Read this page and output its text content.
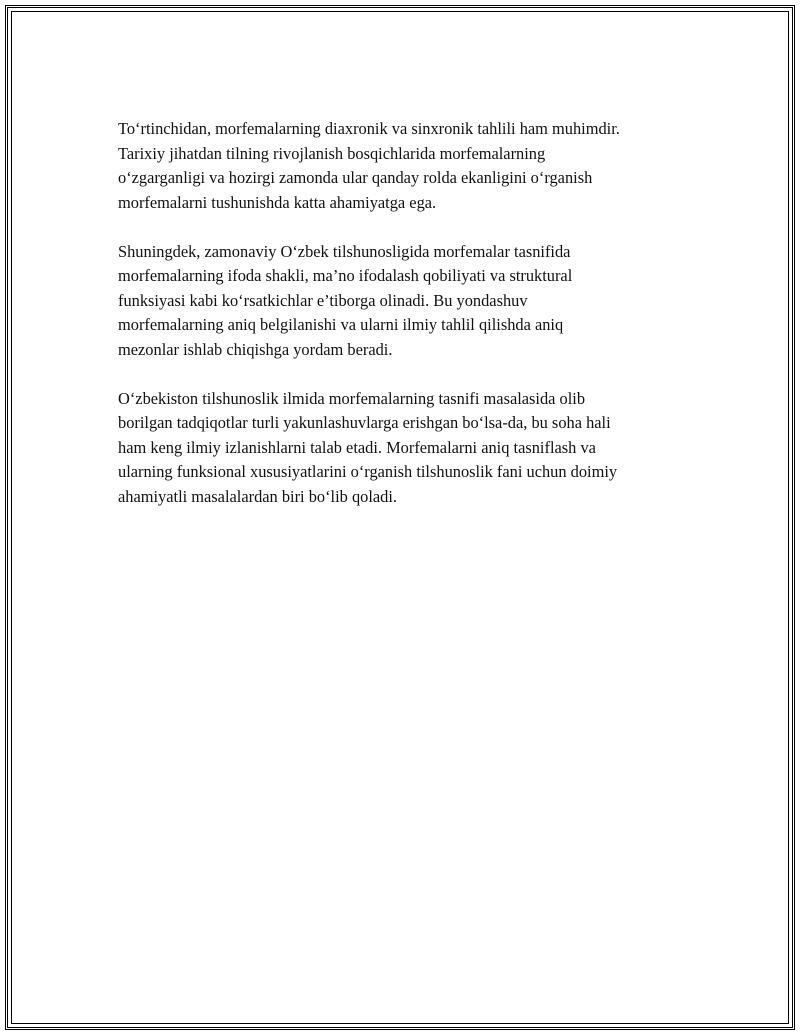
To‘rtinchidan, morfemalarning diaxronik va sinxronik tahlili ham muhimdir.
Tarixiy jihatdan tilning rivojlanish bosqichlarida morfemalarning
o‘zgarganligi va hozirgi zamonda ular qanday rolda ekanligini o‘rganish
morfemalarni tushunishda katta ahamiyatga ega.

Shuningdek, zamonaviy O‘zbek tilshunosligida morfemalar tasnifida
morfemalarning ifoda shakli, ma’no ifodalash qobiliyati va struktural
funksiyasi kabi ko‘rsatkichlar e’tiborga olinadi. Bu yondashuv
morfemalarning aniq belgilanishi va ularni ilmiy tahlil qilishda aniq
mezonlar ishlab chiqishga yordam beradi.

O‘zbekiston tilshunoslik ilmida morfemalarning tasnifi masalasida olib
borilgan tadqiqotlar turli yakunlashuvlarga erishgan bo‘lsa-da, bu soha hali
ham keng ilmiy izlanishlarni talab etadi. Morfemalarni aniq tasniflash va
ularning funksional xususiyatlarini o‘rganish tilshunoslik fani uchun doimiy
ahamiyatli masalalardan biri bo‘lib qoladi.
